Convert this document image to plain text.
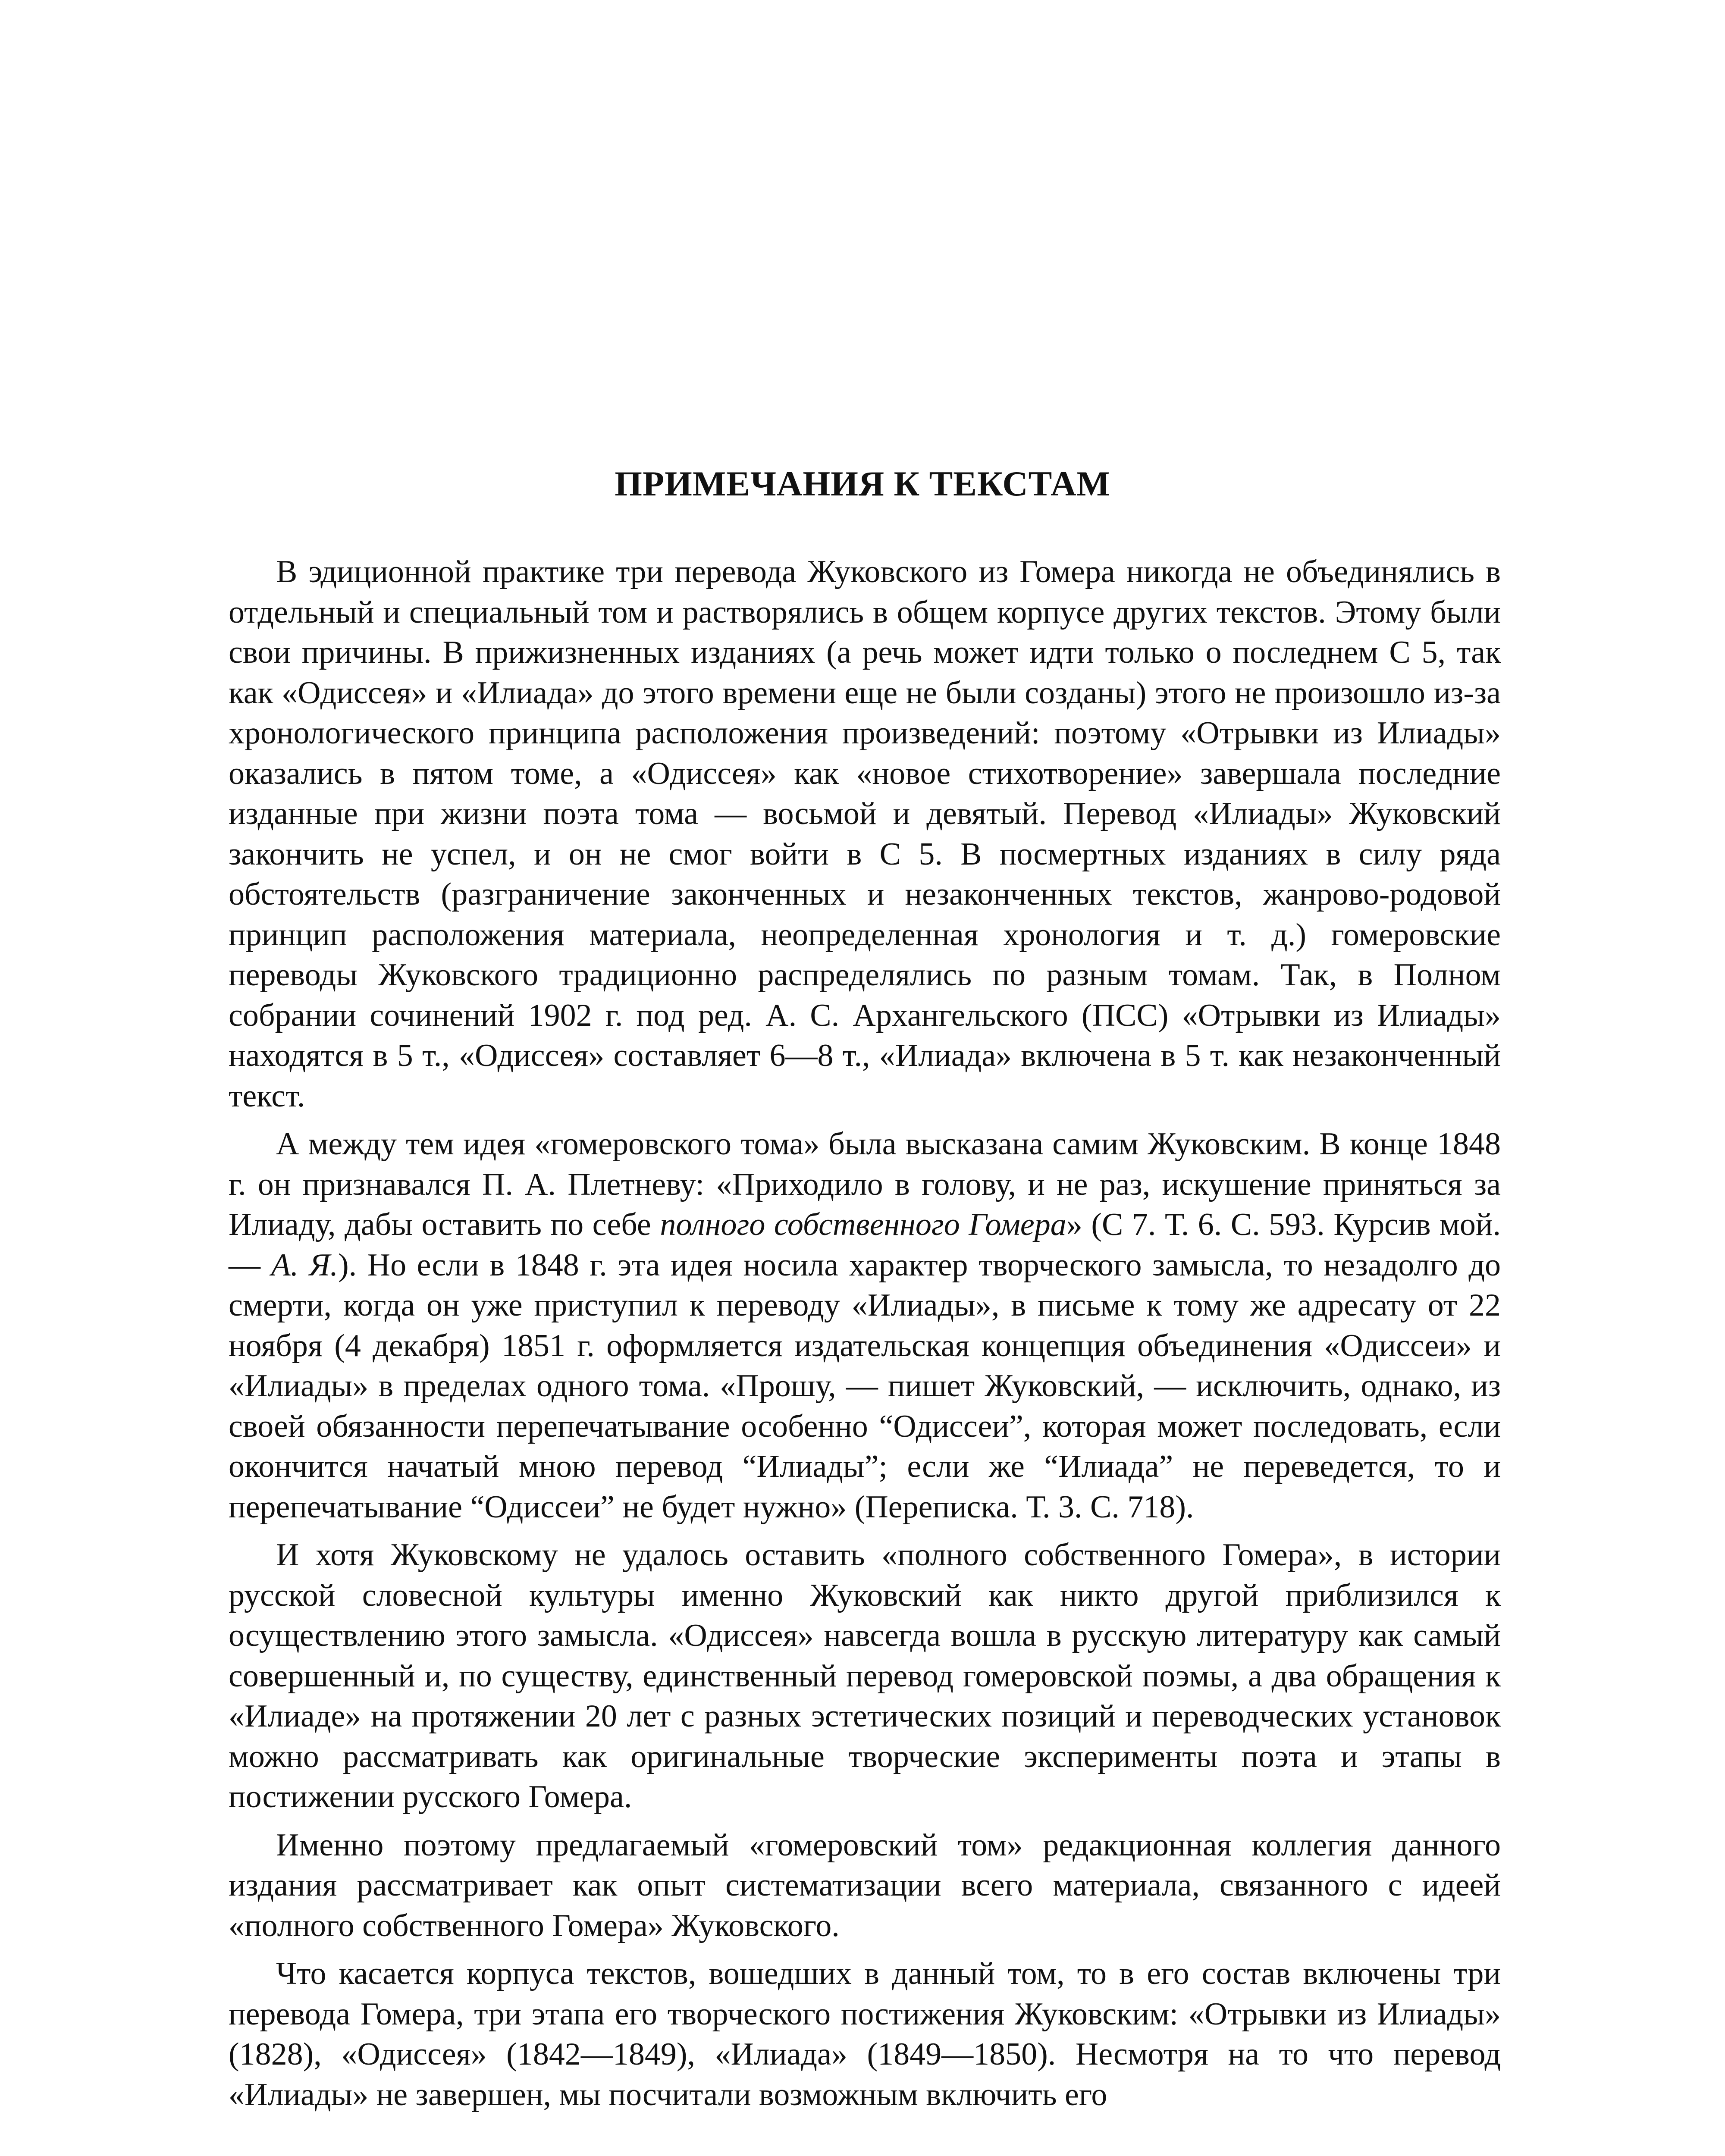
ПРИМЕЧАНИЯ К ТЕКСТАМ

В эдиционной практике три перевода Жуковского из Гомера никогда не объединялись в отдельный и специальный том и растворялись в общем корпусе других текстов. Этому были свои причины. В прижизненных изданиях (а речь может идти только о последнем С 5, так как «Одиссея» и «Илиада» до этого времени еще не были созданы) этого не произошло из-за хронологического принципа расположения произведений: поэтому «Отрывки из Илиады» оказались в пятом томе, а «Одиссея» как «новое стихотворение» завершала последние изданные при жизни поэта тома — восьмой и девятый. Перевод «Илиады» Жуковский закончить не успел, и он не смог войти в С 5. В посмертных изданиях в силу ряда обстоятельств (разграничение законченных и незаконченных текстов, жанрово-родовой принцип расположения материала, неопределенная хронология и т. д.) гомеровские переводы Жуковского традиционно распределялись по разным томам. Так, в Полном собрании сочинений 1902 г. под ред. А. С. Архангельского (ПСС) «Отрывки из Илиады» находятся в 5 т., «Одиссея» составляет 6—8 т., «Илиада» включена в 5 т. как незаконченный текст.

А между тем идея «гомеровского тома» была высказана самим Жуковским. В конце 1848 г. он признавался П. А. Плетневу: «Приходило в голову, и не раз, искушение приняться за Илиаду, дабы оставить по себе полного собственного Гомера» (С 7. Т. 6. С. 593. Курсив мой. — А. Я.). Но если в 1848 г. эта идея носила характер творческого замысла, то незадолго до смерти, когда он уже приступил к переводу «Илиады», в письме к тому же адресату от 22 ноября (4 декабря) 1851 г. оформляется издательская концепция объединения «Одиссеи» и «Илиады» в пределах одного тома. «Прошу, — пишет Жуковский, — исключить, однако, из своей обязанности перепечатывание особенно “Одиссеи”, которая может последовать, если окончится начатый мною перевод “Илиады”; если же “Илиада” не переведется, то и перепечатывание “Одиссеи” не будет нужно» (Переписка. Т. 3. С. 718).

И хотя Жуковскому не удалось оставить «полного собственного Гомера», в истории русской словесной культуры именно Жуковский как никто другой приблизился к осуществлению этого замысла. «Одиссея» навсегда вошла в русскую литературу как самый совершенный и, по существу, единственный перевод гомеровской поэмы, а два обращения к «Илиаде» на протяжении 20 лет с разных эстетических позиций и переводческих установок можно рассматривать как оригинальные творческие эксперименты поэта и этапы в постижении русского Гомера.

Именно поэтому предлагаемый «гомеровский том» редакционная коллегия данного издания рассматривает как опыт систематизации всего материала, связанного с идеей «полного собственного Гомера» Жуковского.

Что касается корпуса текстов, вошедших в данный том, то в его состав включены три перевода Гомера, три этапа его творческого постижения Жуковским: «Отрывки из Илиады» (1828), «Одиссея» (1842—1849), «Илиада» (1849—1850). Несмотря на то что перевод «Илиады» не завершен, мы посчитали возможным включить его
